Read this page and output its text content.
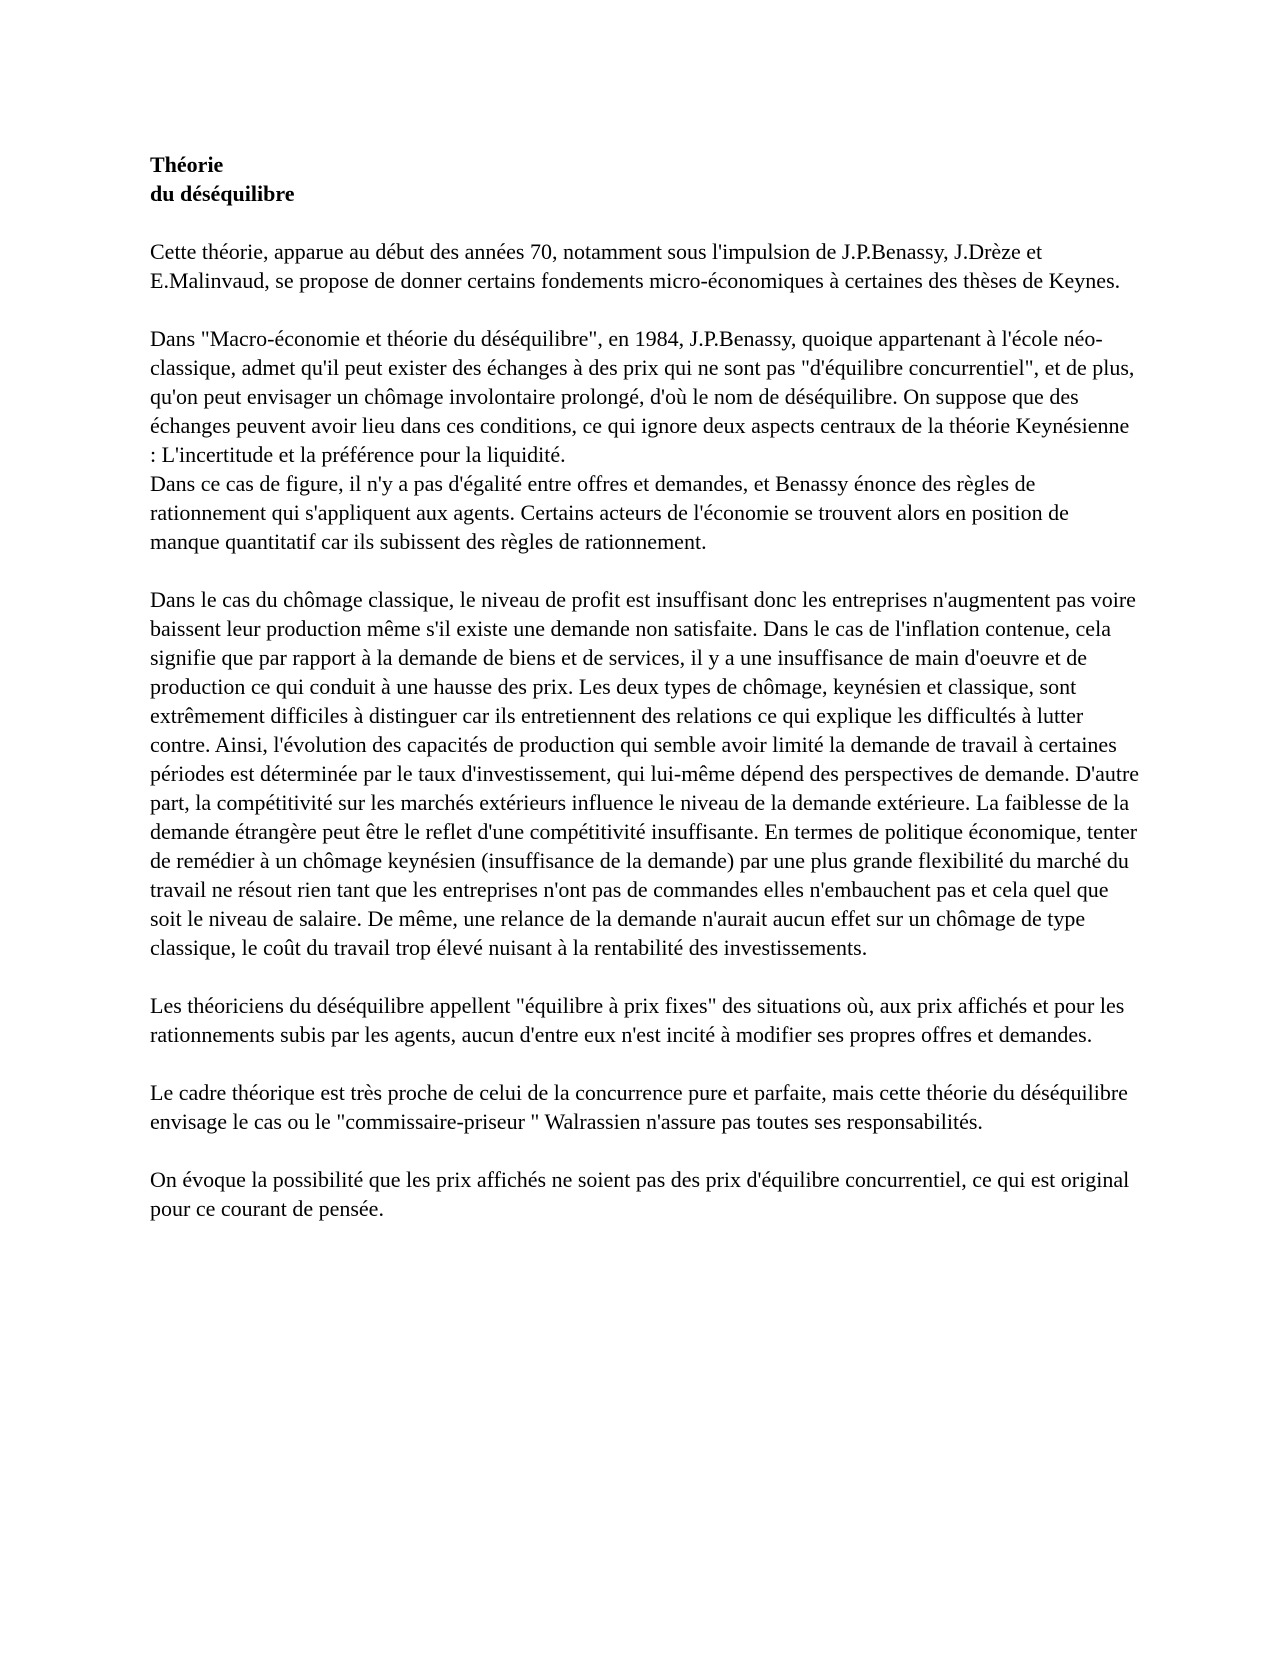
Théorie
du déséquilibre

Cette théorie, apparue au début des années 70, notamment sous l'impulsion de J.P.Benassy, J.Drèze et E.Malinvaud, se propose de donner certains fondements micro-économiques à certaines des thèses de Keynes.

Dans "Macro-économie et théorie du déséquilibre", en 1984, J.P.Benassy, quoique appartenant à l'école néo-classique, admet qu'il peut exister des échanges à des prix qui ne sont pas "d'équilibre concurrentiel", et de plus, qu'on peut envisager un chômage involontaire prolongé, d'où le nom de déséquilibre. On suppose que des échanges peuvent avoir lieu dans ces conditions, ce qui ignore deux aspects centraux de la théorie Keynésienne : L'incertitude et la préférence pour la liquidité.

Dans ce cas de figure, il n'y a pas d'égalité entre offres et demandes, et Benassy énonce des règles de rationnement qui s'appliquent aux agents. Certains acteurs de l'économie se trouvent alors en position de manque quantitatif car ils subissent des règles de rationnement.

Dans le cas du chômage classique, le niveau de profit est insuffisant donc les entreprises n'augmentent pas voire baissent leur production même s'il existe une demande non satisfaite. Dans le cas de l'inflation contenue, cela signifie que par rapport à la demande de biens et de services, il y a une insuffisance de main d'oeuvre et de production ce qui conduit à une hausse des prix. Les deux types de chômage, keynésien et classique, sont extrêmement difficiles à distinguer car ils entretiennent des relations ce qui explique les difficultés à lutter contre. Ainsi, l'évolution des capacités de production qui semble avoir limité la demande de travail à certaines périodes est déterminée par le taux d'investissement, qui lui-même dépend des perspectives de demande. D'autre part, la compétitivité sur les marchés extérieurs influence le niveau de la demande extérieure. La faiblesse de la demande étrangère peut être le reflet d'une compétitivité insuffisante. En termes de politique économique, tenter de remédier à un chômage keynésien (insuffisance de la demande) par une plus grande flexibilité du marché du travail ne résout rien tant que les entreprises n'ont pas de commandes elles n'embauchent pas et cela quel que soit le niveau de salaire. De même, une relance de la demande n'aurait aucun effet sur un chômage de type classique, le coût du travail trop élevé nuisant à la rentabilité des investissements.

Les théoriciens du déséquilibre appellent "équilibre à prix fixes" des situations où, aux prix affichés et pour les rationnements subis par les agents, aucun d'entre eux n'est incité à modifier ses propres offres et demandes.

Le cadre théorique est très proche de celui de la concurrence pure et parfaite, mais cette théorie du déséquilibre envisage le cas ou le "commissaire-priseur " Walrassien n'assure pas toutes ses responsabilités.

On évoque la possibilité que les prix affichés ne soient pas des prix d'équilibre concurrentiel, ce qui est original pour ce courant de pensée.
